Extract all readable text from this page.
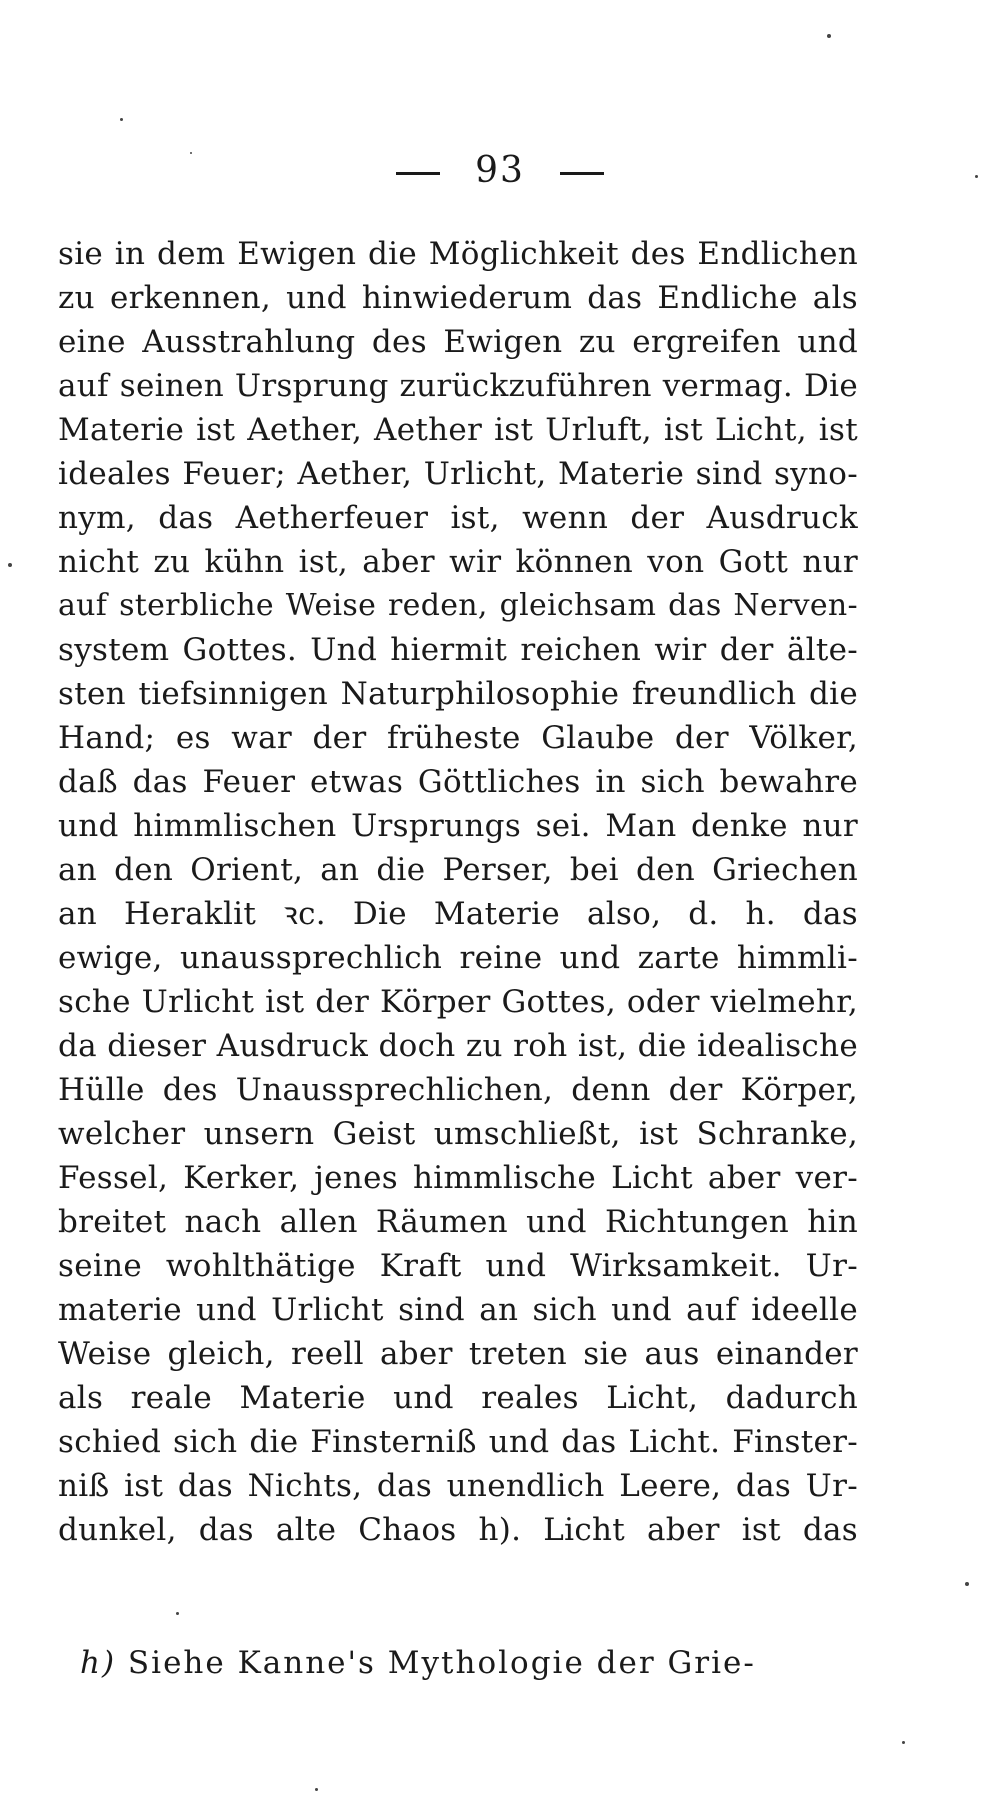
93
sie in dem Ewigen die Möglichkeit des Endlichen
zu erkennen, und hinwiederum das Endliche als
eine Ausstrahlung des Ewigen zu ergreifen und
auf seinen Ursprung zurückzuführen vermag. Die
Materie ist Aether, Aether ist Urluft, ist Licht, ist
ideales Feuer; Aether, Urlicht, Materie sind syno-
nym, das Aetherfeuer ist, wenn der Ausdruck
nicht zu kühn ist, aber wir können von Gott nur
auf sterbliche Weise reden, gleichsam das Nerven-
system Gottes. Und hiermit reichen wir der älte-
sten tiefsinnigen Naturphilosophie freundlich die
Hand; es war der früheste Glaube der Völker,
daß das Feuer etwas Göttliches in sich bewahre
und himmlischen Ursprungs sei. Man denke nur
an den Orient, an die Perser, bei den Griechen
an Heraklit ꝛc. Die Materie also, d. h. das
ewige, unaussprechlich reine und zarte himmli-
sche Urlicht ist der Körper Gottes, oder vielmehr,
da dieser Ausdruck doch zu roh ist, die idealische
Hülle des Unaussprechlichen, denn der Körper,
welcher unsern Geist umschließt, ist Schranke,
Fessel, Kerker, jenes himmlische Licht aber ver-
breitet nach allen Räumen und Richtungen hin
seine wohlthätige Kraft und Wirksamkeit. Ur-
materie und Urlicht sind an sich und auf ideelle
Weise gleich, reell aber treten sie aus einander
als reale Materie und reales Licht, dadurch
schied sich die Finsterniß und das Licht. Finster-
niß ist das Nichts, das unendlich Leere, das Ur-
dunkel, das alte Chaos h). Licht aber ist das
h) Siehe Kanne's Mythologie der Grie-
